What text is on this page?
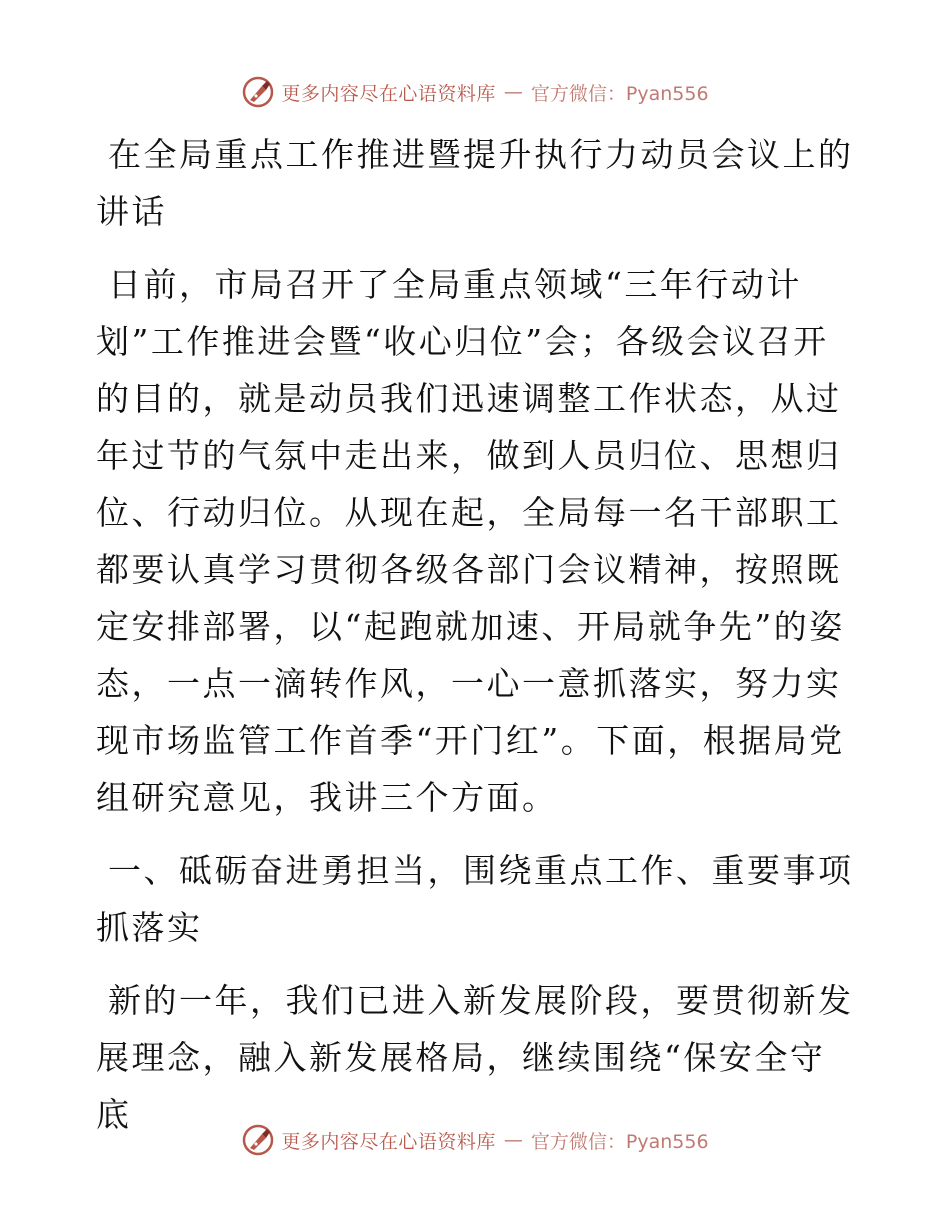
更多内容尽在心语资料库 — 官方微信：Pyan556

在全局重点工作推进暨提升执行力动员会议上的讲话

日前，市局召开了全局重点领域“三年行动计划”工作推进会暨“收心归位”会；各级会议召开的目的，就是动员我们迅速调整工作状态，从过年过节的气氛中走出来，做到人员归位、思想归位、行动归位。从现在起，全局每一名干部职工都要认真学习贯彻各级各部门会议精神，按照既定安排部署，以“起跑就加速、开局就争先”的姿态，一点一滴转作风，一心一意抓落实，努力实现市场监管工作首季“开门红”。下面，根据局党组研究意见，我讲三个方面。

一、砥砺奋进勇担当，围绕重点工作、重要事项抓落实

新的一年，我们已进入新发展阶段，要贯彻新发展理念，融入新发展格局，继续围绕“保安全守底

更多内容尽在心语资料库 — 官方微信：Pyan556
